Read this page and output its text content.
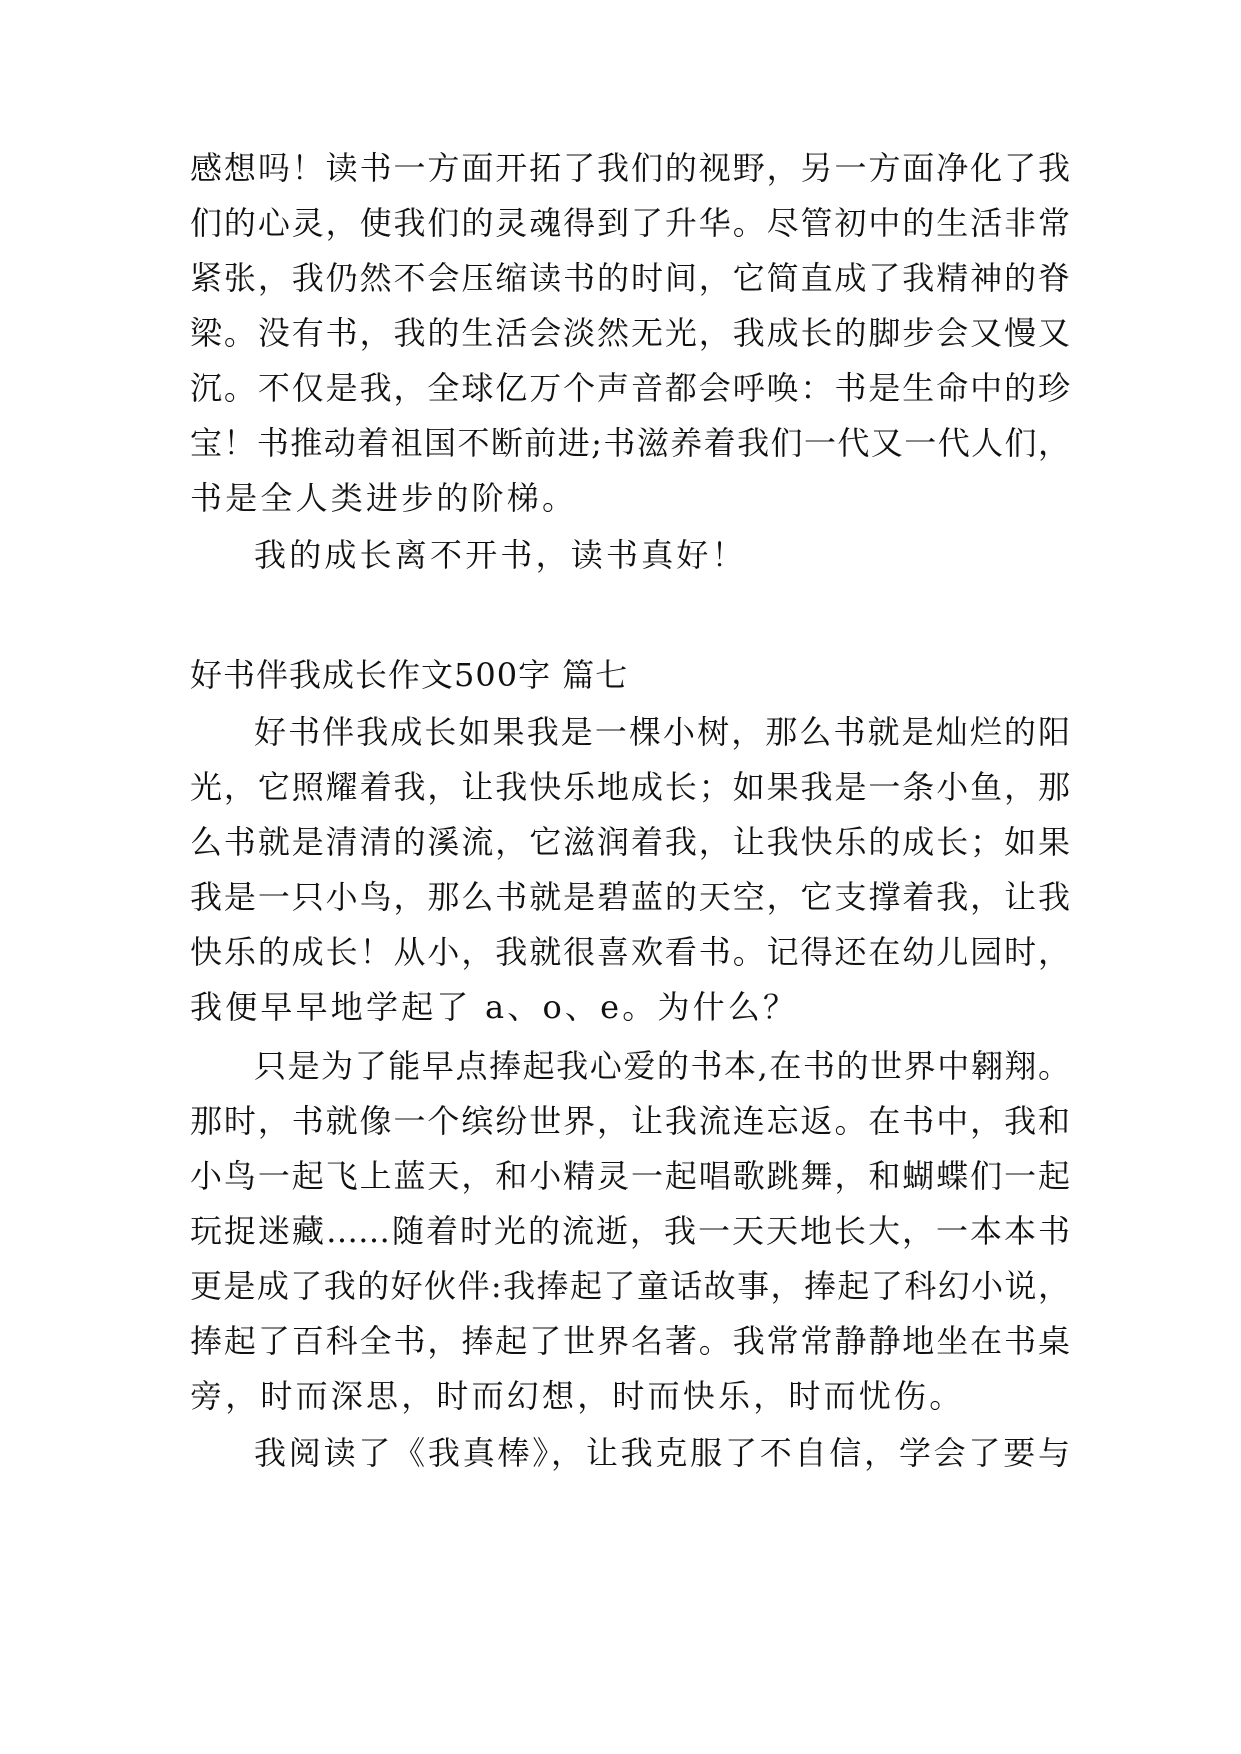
感想吗！读书一方面开拓了我们的视野，另一方面净化了我
们的心灵，使我们的灵魂得到了升华。尽管初中的生活非常
紧张，我仍然不会压缩读书的时间，它简直成了我精神的脊
梁。没有书，我的生活会淡然无光，我成长的脚步会又慢又
沉。不仅是我，全球亿万个声音都会呼唤：书是生命中的珍
宝！书推动着祖国不断前进;书滋养着我们一代又一代人们，
书是全人类进步的阶梯。
我的成长离不开书，读书真好！
好书伴我成长作文500字 篇七
好书伴我成长如果我是一棵小树，那么书就是灿烂的阳
光，它照耀着我，让我快乐地成长；如果我是一条小鱼，那
么书就是清清的溪流，它滋润着我，让我快乐的成长；如果
我是一只小鸟，那么书就是碧蓝的天空，它支撑着我，让我
快乐的成长！从小，我就很喜欢看书。记得还在幼儿园时，
我便早早地学起了 a、o、e。为什么？
只是为了能早点捧起我心爱的书本,在书的世界中翱翔。
那时，书就像一个缤纷世界，让我流连忘返。在书中，我和
小鸟一起飞上蓝天，和小精灵一起唱歌跳舞，和蝴蝶们一起
玩捉迷藏……随着时光的流逝，我一天天地长大，一本本书
更是成了我的好伙伴:我捧起了童话故事，捧起了科幻小说，
捧起了百科全书，捧起了世界名著。我常常静静地坐在书桌
旁，时而深思，时而幻想，时而快乐，时而忧伤。
我阅读了《我真棒》，让我克服了不自信，学会了要与
